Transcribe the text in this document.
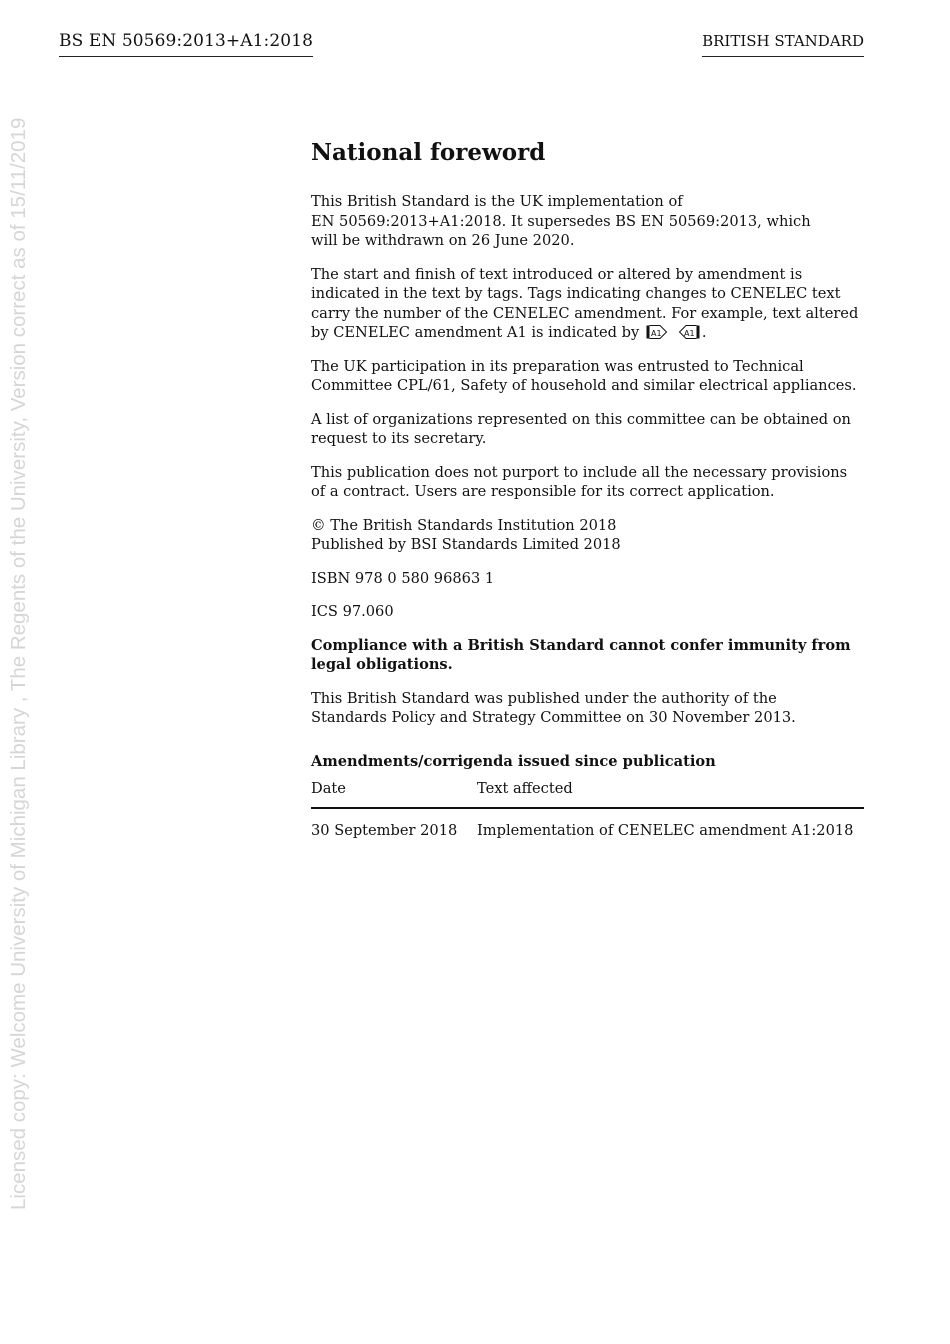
BS EN 50569:2013+A1:2018	BRITISH STANDARD
Licensed copy: Welcome University of Michigan Library , The Regents of the University, Version correct as of 15/11/2019	National foreword

This British Standard is the UK implementation of
EN 50569:2013+A1:2018. It supersedes BS EN 50569:2013, which
will be withdrawn on 26 June 2020.

The start and finish of text introduced or altered by amendment is indicated in the text by tags. Tags indicating changes to CENELEC text carry the number of the CENELEC amendment. For example, text altered by CENELEC amendment A1 is indicated by A1	A1 .

The UK participation in its preparation was entrusted to Technical Committee CPL/61, Safety of household and similar electrical appliances.

A list of organizations represented on this committee can be obtained on request to its secretary.

This publication does not purport to include all the necessary provisions of a contract. Users are responsible for its correct application.

© The British Standards Institution 2018
Published by BSI Standards Limited 2018

ISBN 978 0 580 96863 1

ICS 97.060

Compliance with a British Standard cannot confer immunity from legal obligations.

This British Standard was published under the authority of the
Standards Policy and Strategy Committee on 30 November 2013.

Amendments/corrigenda issued since publication
Date	Text affected
30 September 2018	Implementation of CENELEC amendment A1:2018
